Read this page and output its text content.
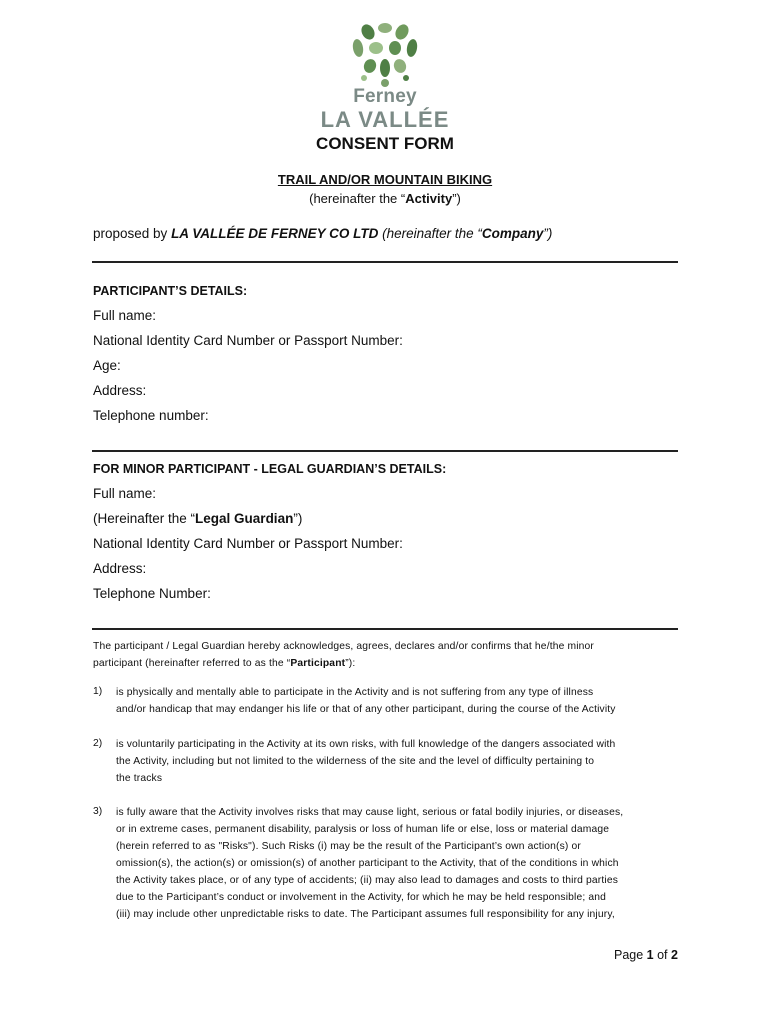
Ferney
LA VALLÉE
CONSENT FORM
TRAIL AND/OR MOUNTAIN BIKING
(hereinafter the “Activity”)
proposed by LA VALLÉE DE FERNEY CO LTD (hereinafter the “Company”)
PARTICIPANT’S DETAILS:
Full name:
National Identity Card Number or Passport Number:
Age:
Address:
Telephone number:
FOR MINOR PARTICIPANT - LEGAL GUARDIAN’S DETAILS:
Full name:
(Hereinafter the “Legal Guardian”)
National Identity Card Number or Passport Number:
Address:
Telephone Number:
The participant / Legal Guardian hereby acknowledges, agrees, declares and/or confirms that he/the minor
participant (hereinafter referred to as the “Participant”):
1) is physically and mentally able to participate in the Activity and is not suffering from any type of illness
and/or handicap that may endanger his life or that of any other participant, during the course of the Activity
2) is voluntarily participating in the Activity at its own risks, with full knowledge of the dangers associated with
the Activity, including but not limited to the wilderness of the site and the level of difficulty pertaining to
the tracks
3) is fully aware that the Activity involves risks that may cause light, serious or fatal bodily injuries, or diseases,
or in extreme cases, permanent disability, paralysis or loss of human life or else, loss or material damage
(herein referred to as "Risks"). Such Risks (i) may be the result of the Participant’s own action(s) or
omission(s), the action(s) or omission(s) of another participant to the Activity, that of the conditions in which
the Activity takes place, or of any type of accidents; (ii) may also lead to damages and costs to third parties
due to the Participant’s conduct or involvement in the Activity, for which he may be held responsible; and
(iii) may include other unpredictable risks to date. The Participant assumes full responsibility for any injury,
Page 1 of 2
